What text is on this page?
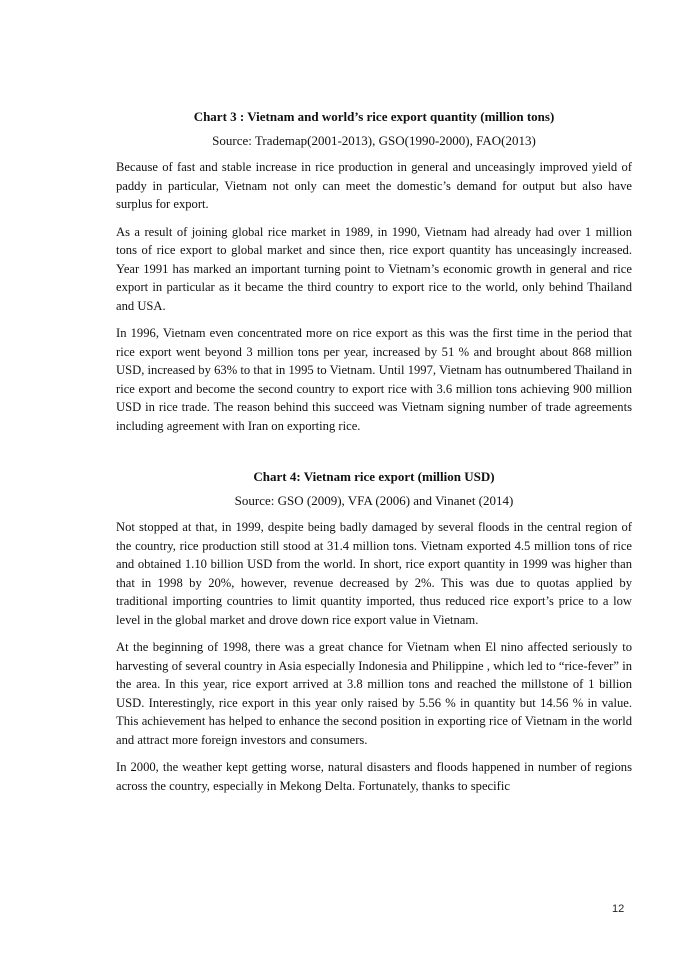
Chart 3 : Vietnam and world’s rice export quantity (million tons)

Source: Trademap(2001-2013), GSO(1990-2000), FAO(2013)

Because of fast and stable increase in rice production in general and unceasingly improved yield of paddy in particular, Vietnam not only can meet the domestic’s demand for output but also have surplus for export.

As a result of joining global rice market in 1989, in 1990, Vietnam had already had over 1 million tons of rice export to global market and since then, rice export quantity has unceasingly increased. Year 1991 has marked an important turning point to Vietnam’s economic growth in general and rice export in particular as it became the third country to export rice to the world, only behind Thailand and USA.

In 1996, Vietnam even concentrated more on rice export as this was the first time in the period that rice export went beyond 3 million tons per year, increased by 51 % and brought about 868 million USD, increased by 63% to that in 1995 to Vietnam. Until 1997, Vietnam has outnumbered Thailand in rice export and become the second country to export rice with 3.6 million tons achieving 900 million USD in rice trade. The reason behind this succeed was Vietnam signing number of trade agreements including agreement with Iran on exporting rice.

Chart 4: Vietnam rice export (million USD)

Source: GSO (2009), VFA (2006) and Vinanet (2014)

Not stopped at that, in 1999, despite being badly damaged by several floods in the central region of the country, rice production still stood at 31.4 million tons. Vietnam exported 4.5 million tons of rice and obtained 1.10 billion USD from the world. In short, rice export quantity in 1999 was higher than that in 1998 by 20%, however, revenue decreased by 2%. This was due to quotas applied by traditional importing countries to limit quantity imported, thus reduced rice export’s price to a low level in the global market and drove down rice export value in Vietnam.

At the beginning of 1998, there was a great chance for Vietnam when El nino affected seriously to harvesting of several country in Asia especially Indonesia and Philippine , which led to “rice-fever” in the area. In this year, rice export arrived at 3.8 million tons and reached the millstone of 1 billion USD. Interestingly, rice export in this year only raised by 5.56 % in quantity but 14.56 % in value. This achievement has helped to enhance the second position in exporting rice of Vietnam in the world and attract more foreign investors and consumers.

In 2000, the weather kept getting worse, natural disasters and floods happened in number of regions across the country, especially in Mekong Delta. Fortunately, thanks to specific

12
